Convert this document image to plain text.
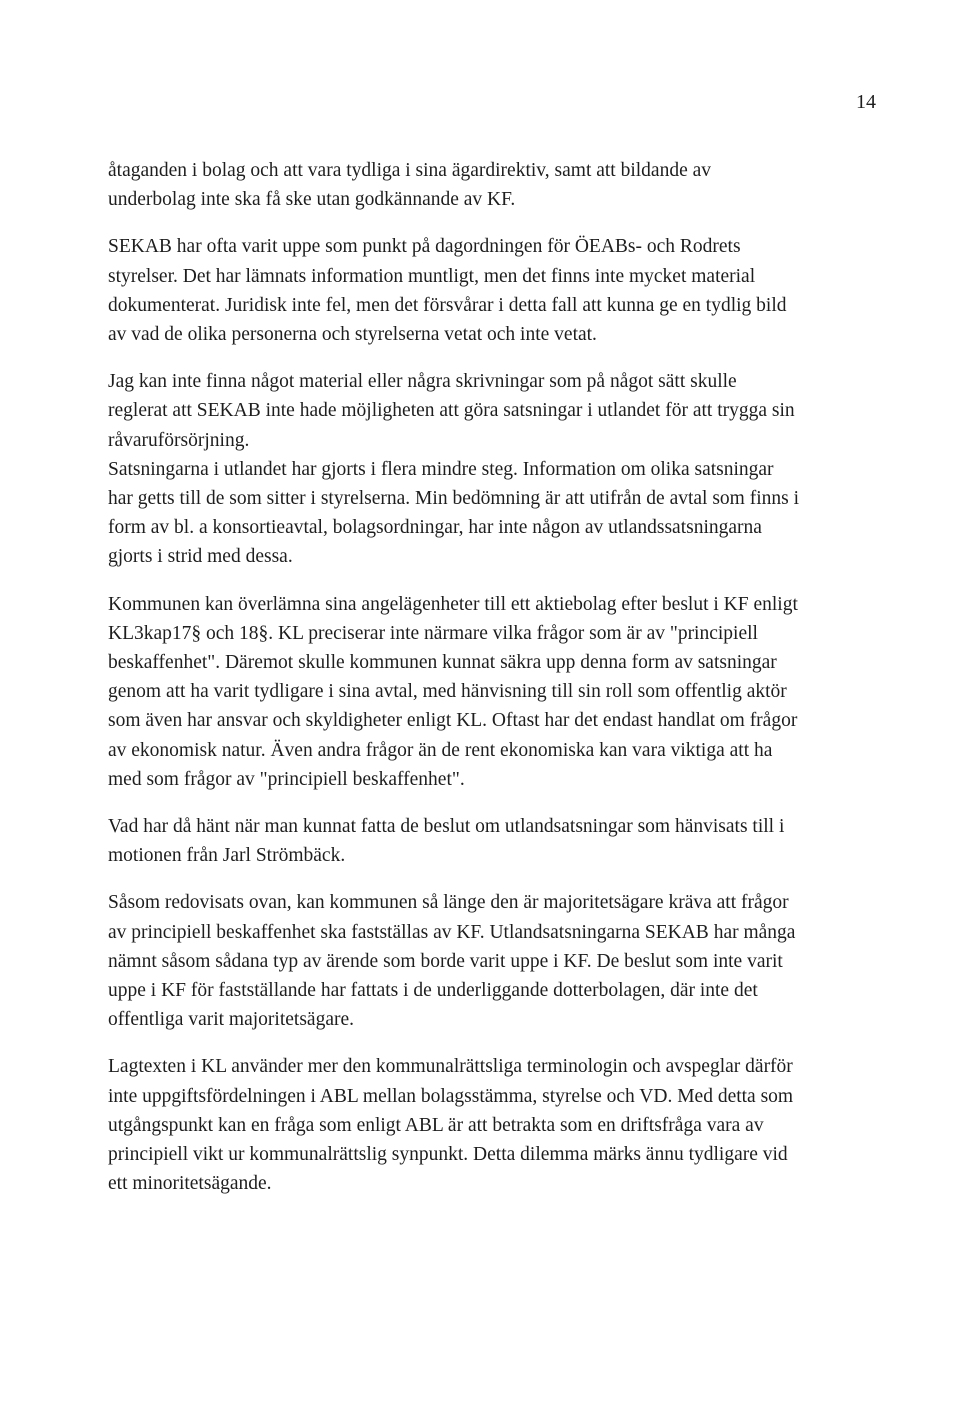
14

åtaganden i bolag och att vara tydliga i sina ägardirektiv, samt att bildande av
underbolag inte ska få ske utan godkännande av KF.

SEKAB har ofta varit uppe som punkt på dagordningen för ÖEABs- och Rodrets
styrelser. Det har lämnats information muntligt, men det finns inte mycket material
dokumenterat. Juridisk inte fel, men det försvårar i detta fall att kunna ge en tydlig bild
av vad de olika personerna och styrelserna vetat och inte vetat.

Jag kan inte finna något material eller några skrivningar som på något sätt skulle
reglerat att SEKAB inte hade möjligheten att göra satsningar i utlandet för att trygga sin
råvaruförsörjning.

Satsningarna i utlandet har gjorts i flera mindre steg. Information om olika satsningar
har getts till de som sitter i styrelserna. Min bedömning är att utifrån de avtal som finns i
form av bl. a konsortieavtal, bolagsordningar, har inte någon av utlandssatsningarna
gjorts i strid med dessa.

Kommunen kan överlämna sina angelägenheter till ett aktiebolag efter beslut i KF enligt
KL3kap17§ och 18§. KL preciserar inte närmare vilka frågor som är av "principiell
beskaffenhet". Däremot skulle kommunen kunnat säkra upp denna form av satsningar
genom att ha varit tydligare i sina avtal, med hänvisning till sin roll som offentlig aktör
som även har ansvar och skyldigheter enligt KL. Oftast har det endast handlat om frågor
av ekonomisk natur. Även andra frågor än de rent ekonomiska kan vara viktiga att ha
med som frågor av "principiell beskaffenhet".

Vad har då hänt när man kunnat fatta de beslut om utlandsatsningar som hänvisats till i
motionen från Jarl Strömbäck.

Såsom redovisats ovan, kan kommunen så länge den är majoritetsägare kräva att frågor
av principiell beskaffenhet ska fastställas av KF. Utlandsatsningarna SEKAB har många
nämnt såsom sådana typ av ärende som borde varit uppe i KF. De beslut som inte varit
uppe i KF för fastställande har fattats i de underliggande dotterbolagen, där inte det
offentliga varit majoritetsägare.

Lagtexten i KL använder mer den kommunalrättsliga terminologin och avspeglar därför
inte uppgiftsfördelningen i ABL mellan bolagsstämma, styrelse och VD. Med detta som
utgångspunkt kan en fråga som enligt ABL är att betrakta som en driftsfråga vara av
principiell vikt ur kommunalrättslig synpunkt. Detta dilemma märks ännu tydligare vid
ett minoritetsägande.
